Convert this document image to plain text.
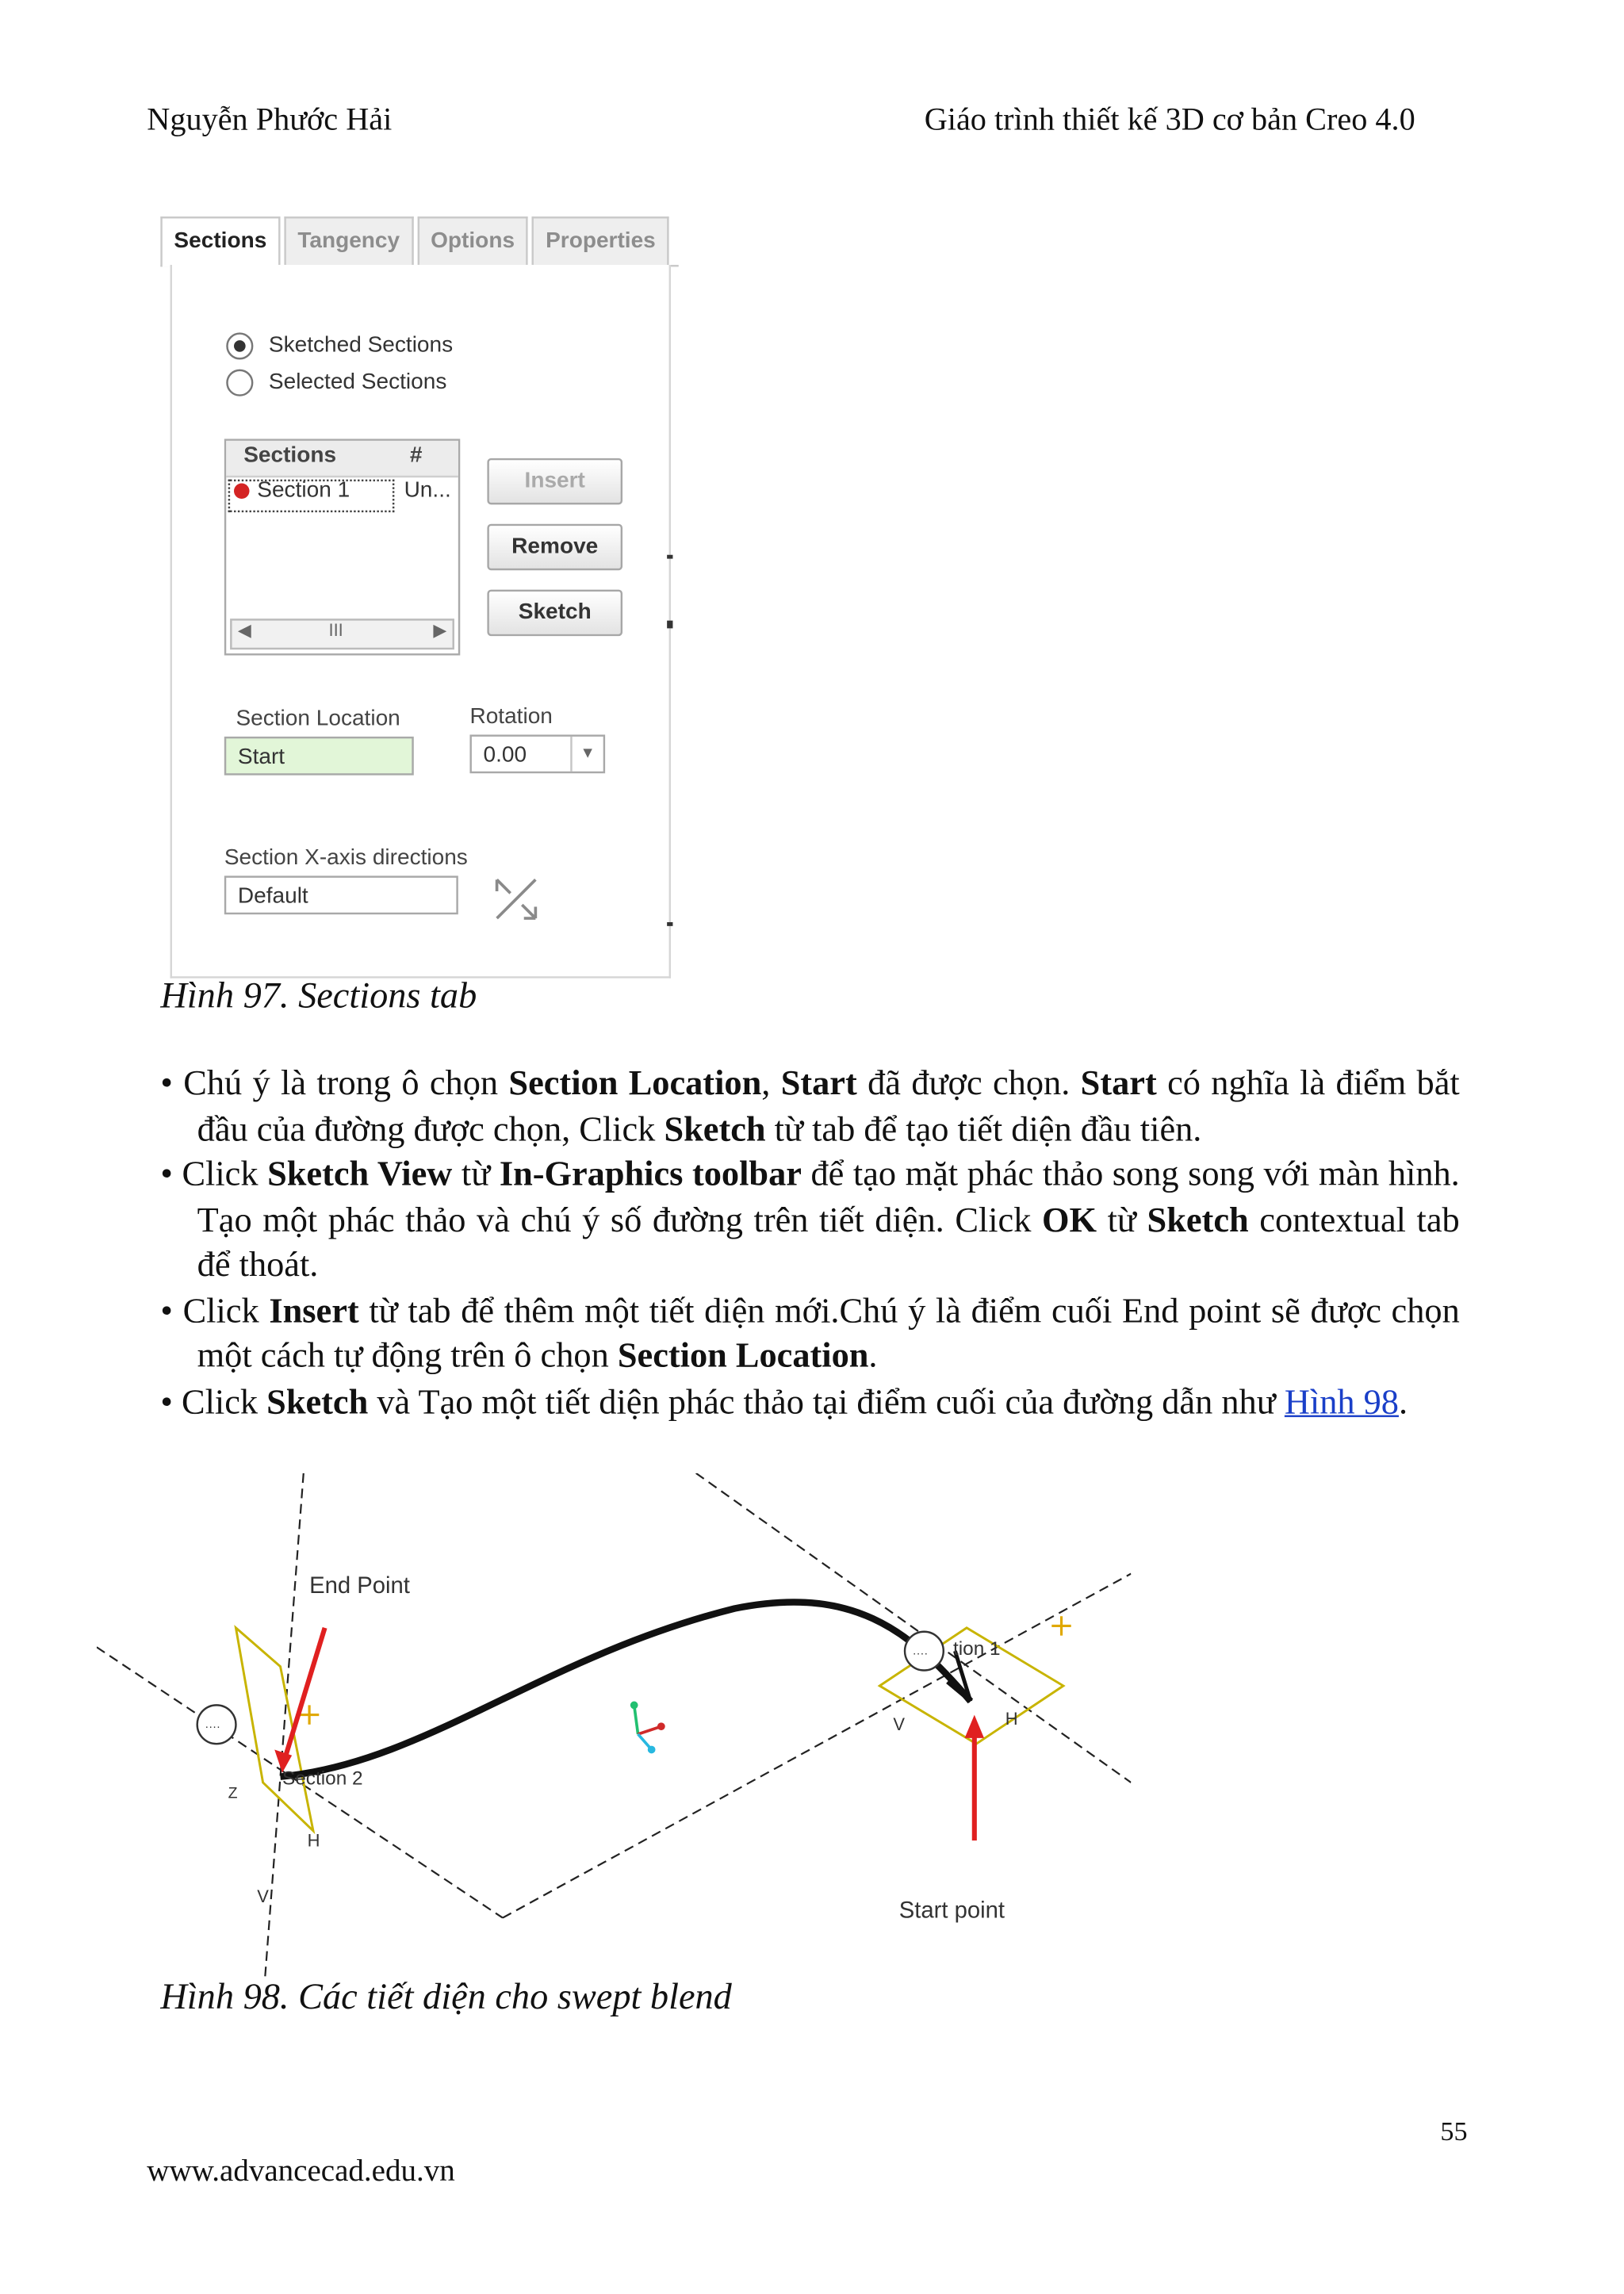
Nguyễn Phước Hải	Giáo trình thiết kế 3D cơ bản Creo 4.0
Sections	Tangency	Options	Properties
Sketched Sections
Selected Sections
Sections	#
Section 1	Un...
◀	III	▶
Insert
Remove
Sketch
Section Location
Start
Rotation
0.00	▼
Section X-axis directions
Default
Hình 97. Sections tab

• Chú ý là trong ô chọn Section Location, Start đã được chọn. Start có nghĩa là điểm bắt đầu của đường được chọn, Click Sketch từ tab để tạo tiết diện đầu tiên.

• Click Sketch View từ In-Graphics toolbar để tạo mặt phác thảo song song với màn hình. Tạo một phác thảo và chú ý số đường trên tiết diện. Click OK từ Sketch contextual tab để thoát.

• Click Insert từ tab để thêm một tiết diện mới.Chú ý là điểm cuối End point sẽ được chọn một cách tự động trên ô chọn Section Location.

• Click Sketch và Tạo một tiết diện phác thảo tại điểm cuối của đường dẫn như Hình 98.

····
····	tion 1
Section 2
H
H
V
V
Z
End Point
Start point
Hình 98. Các tiết diện cho swept blend
55
www.advancecad.edu.vn
